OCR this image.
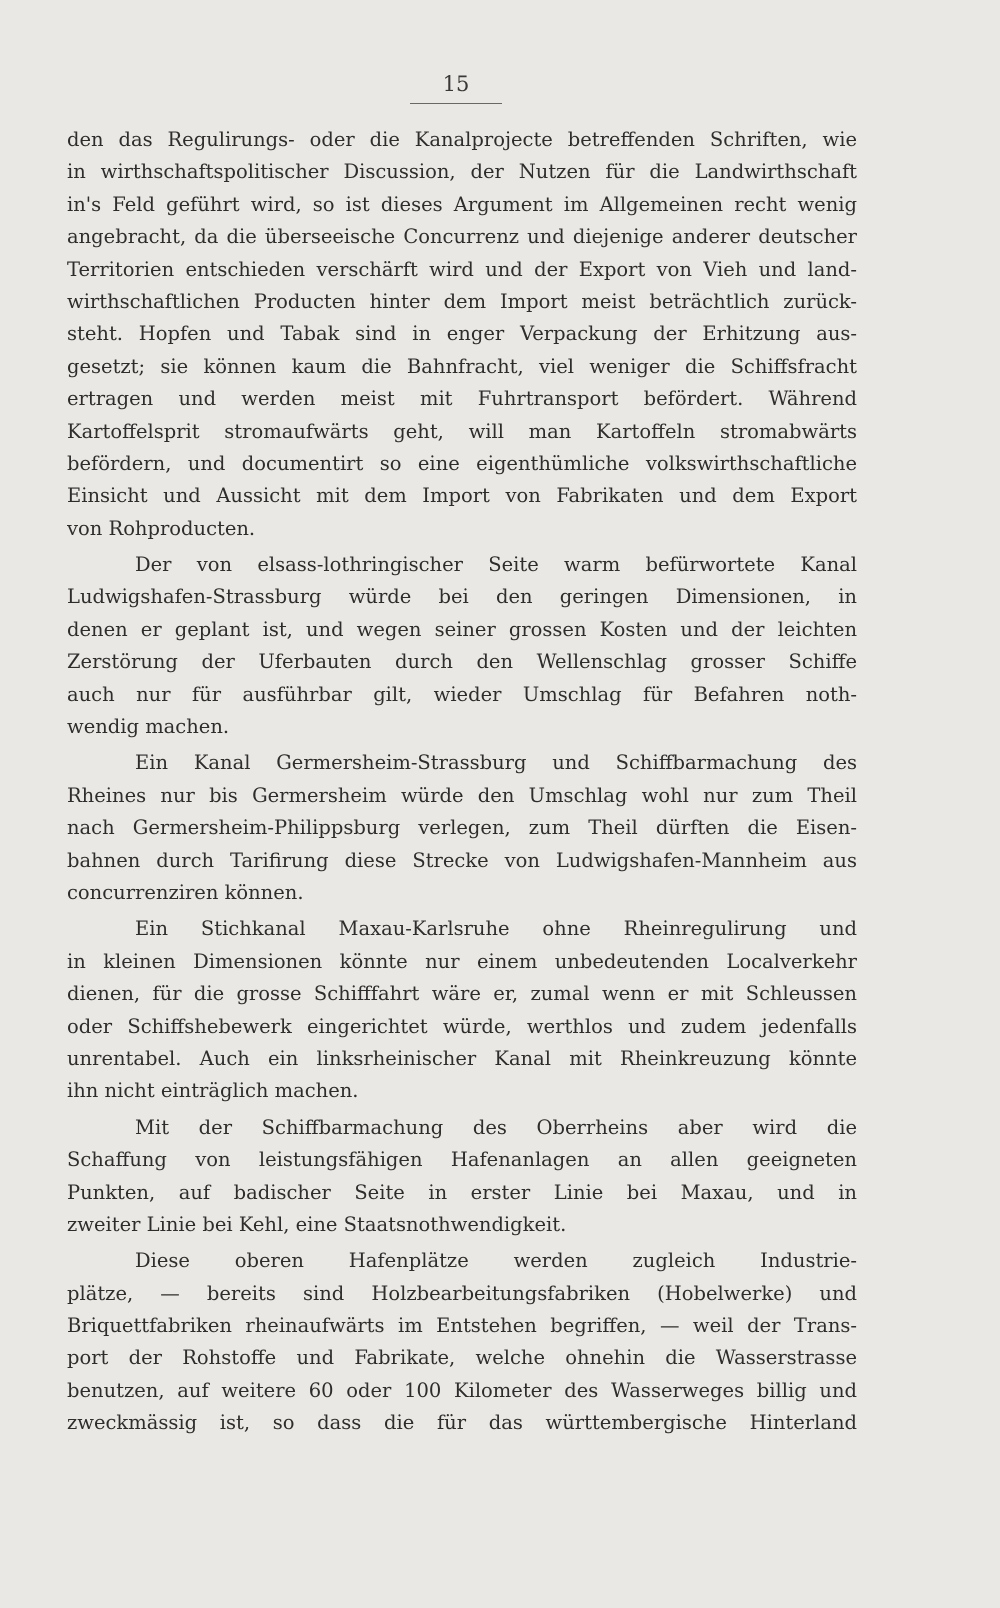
15
den das Regulirungs- oder die Kanalprojecte betreffenden Schriften, wie
in wirthschaftspolitischer Discussion, der Nutzen für die Landwirthschaft
in's Feld geführt wird, so ist dieses Argument im Allgemeinen recht wenig
angebracht, da die überseeische Concurrenz und diejenige anderer deutscher
Territorien entschieden verschärft wird und der Export von Vieh und land-
wirthschaftlichen Producten hinter dem Import meist beträchtlich zurück-
steht. Hopfen und Tabak sind in enger Verpackung der Erhitzung aus-
gesetzt; sie können kaum die Bahnfracht, viel weniger die Schiffsfracht
ertragen und werden meist mit Fuhrtransport befördert. Während
Kartoffelsprit stromaufwärts geht, will man Kartoffeln stromabwärts
befördern, und documentirt so eine eigenthümliche volkswirthschaftliche
Einsicht und Aussicht mit dem Import von Fabrikaten und dem Export
von Rohproducten.
Der von elsass-lothringischer Seite warm befürwortete Kanal
Ludwigshafen-Strassburg würde bei den geringen Dimensionen, in
denen er geplant ist, und wegen seiner grossen Kosten und der leichten
Zerstörung der Uferbauten durch den Wellenschlag grosser Schiffe
auch nur für ausführbar gilt, wieder Umschlag für Befahren noth-
wendig machen.
Ein Kanal Germersheim-Strassburg und Schiffbarmachung des
Rheines nur bis Germersheim würde den Umschlag wohl nur zum Theil
nach Germersheim-Philippsburg verlegen, zum Theil dürften die Eisen-
bahnen durch Tarifirung diese Strecke von Ludwigshafen-Mannheim aus
concurrenziren können.
Ein Stichkanal Maxau-Karlsruhe ohne Rheinregulirung und
in kleinen Dimensionen könnte nur einem unbedeutenden Localverkehr
dienen, für die grosse Schifffahrt wäre er, zumal wenn er mit Schleussen
oder Schiffshebewerk eingerichtet würde, werthlos und zudem jedenfalls
unrentabel. Auch ein linksrheinischer Kanal mit Rheinkreuzung könnte
ihn nicht einträglich machen.
Mit der Schiffbarmachung des Oberrheins aber wird die
Schaffung von leistungsfähigen Hafenanlagen an allen geeigneten
Punkten, auf badischer Seite in erster Linie bei Maxau, und in
zweiter Linie bei Kehl, eine Staatsnothwendigkeit.
Diese oberen Hafenplätze werden zugleich Industrie-
plätze, — bereits sind Holzbearbeitungsfabriken (Hobelwerke) und
Briquettfabriken rheinaufwärts im Entstehen begriffen, — weil der Trans-
port der Rohstoffe und Fabrikate, welche ohnehin die Wasserstrasse
benutzen, auf weitere 60 oder 100 Kilometer des Wasserweges billig und
zweckmässig ist, so dass die für das württembergische Hinterland
